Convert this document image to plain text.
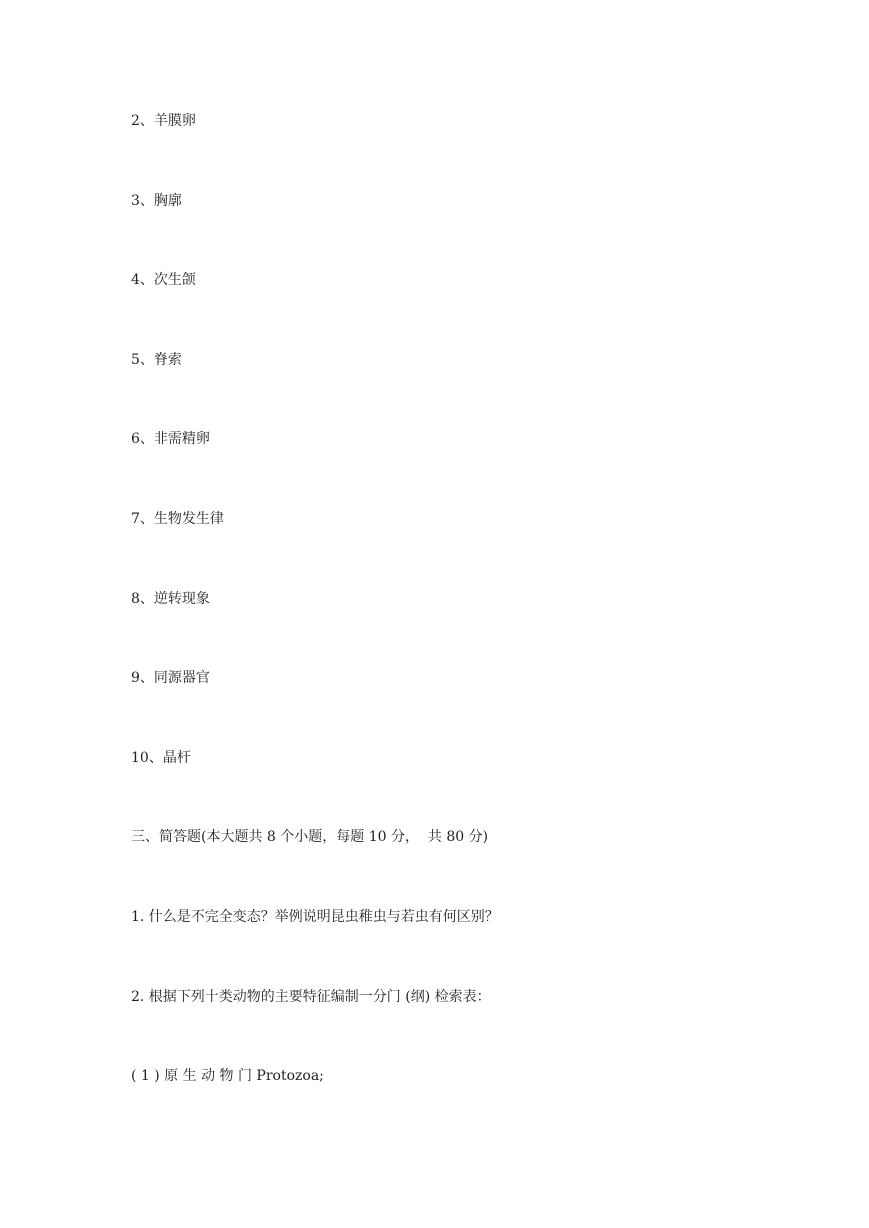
2、羊膜卵
3、胸廓
4、次生颌
5、脊索
6、非需精卵
7、生物发生律
8、逆转现象
9、同源器官
10、晶杆
三、简答题(本大题共 8 个小题，每题 10 分，  共 80 分)
1. 什么是不完全变态？举例说明昆虫稚虫与若虫有何区别？
2. 根据下列十类动物的主要特征编制一分门 (纲) 检索表：
( 1 ) 原 生 动 物 门 Protozoa;
